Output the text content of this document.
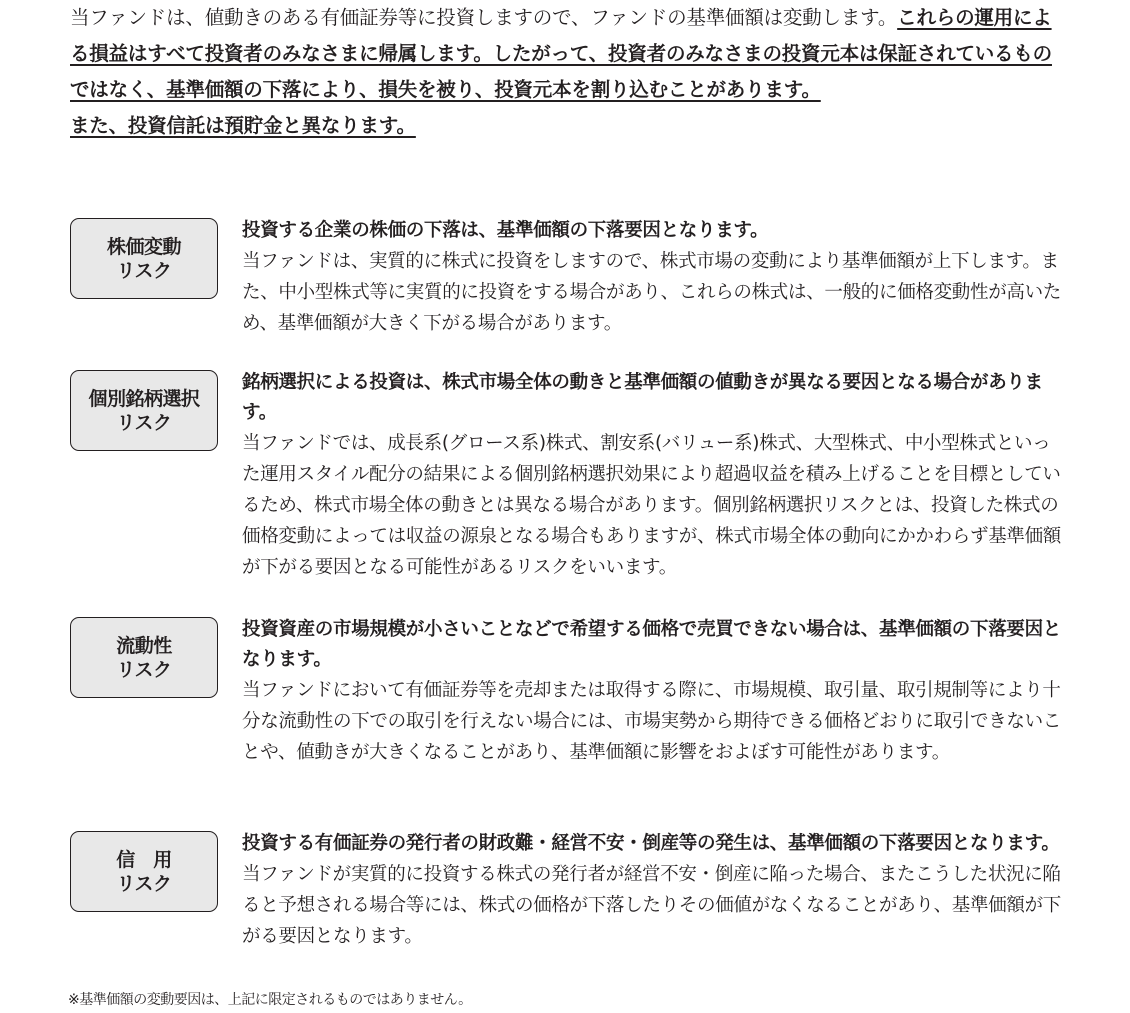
当ファンドは、値動きのある有価証券等に投資しますので、ファンドの基準価額は変動します。これらの運用による損益はすべて投資者のみなさまに帰属します。したがって、投資者のみなさまの投資元本は保証されているものではなく、基準価額の下落により、損失を被り、投資元本を割り込むことがあります。

また、投資信託は預貯金と異なります。

株価変動
リスク

投資する企業の株価の下落は、基準価額の下落要因となります。

当ファンドは、実質的に株式に投資をしますので、株式市場の変動により基準価額が上下します。また、中小型株式等に実質的に投資をする場合があり、これらの株式は、一般的に価格変動性が高いため、基準価額が大きく下がる場合があります。

個別銘柄選択
リスク

銘柄選択による投資は、株式市場全体の動きと基準価額の値動きが異なる要因となる場合があります。

当ファンドでは、成長系(グロース系)株式、割安系(バリュー系)株式、大型株式、中小型株式といった運用スタイル配分の結果による個別銘柄選択効果により超過収益を積み上げることを目標としているため、株式市場全体の動きとは異なる場合があります。個別銘柄選択リスクとは、投資した株式の価格変動によっては収益の源泉となる場合もありますが、株式市場全体の動向にかかわらず基準価額が下がる要因となる可能性があるリスクをいいます。

流動性
リスク

投資資産の市場規模が小さいことなどで希望する価格で売買できない場合は、基準価額の下落要因となります。

当ファンドにおいて有価証券等を売却または取得する際に、市場規模、取引量、取引規制等により十分な流動性の下での取引を行えない場合には、市場実勢から期待できる価格どおりに取引できないことや、値動きが大きくなることがあり、基準価額に影響をおよぼす可能性があります。

信　用
リスク

投資する有価証券の発行者の財政難・経営不安・倒産等の発生は、基準価額の下落要因となります。

当ファンドが実質的に投資する株式の発行者が経営不安・倒産に陥った場合、またこうした状況に陥ると予想される場合等には、株式の価格が下落したりその価値がなくなることがあり、基準価額が下がる要因となります。

※基準価額の変動要因は、上記に限定されるものではありません。
